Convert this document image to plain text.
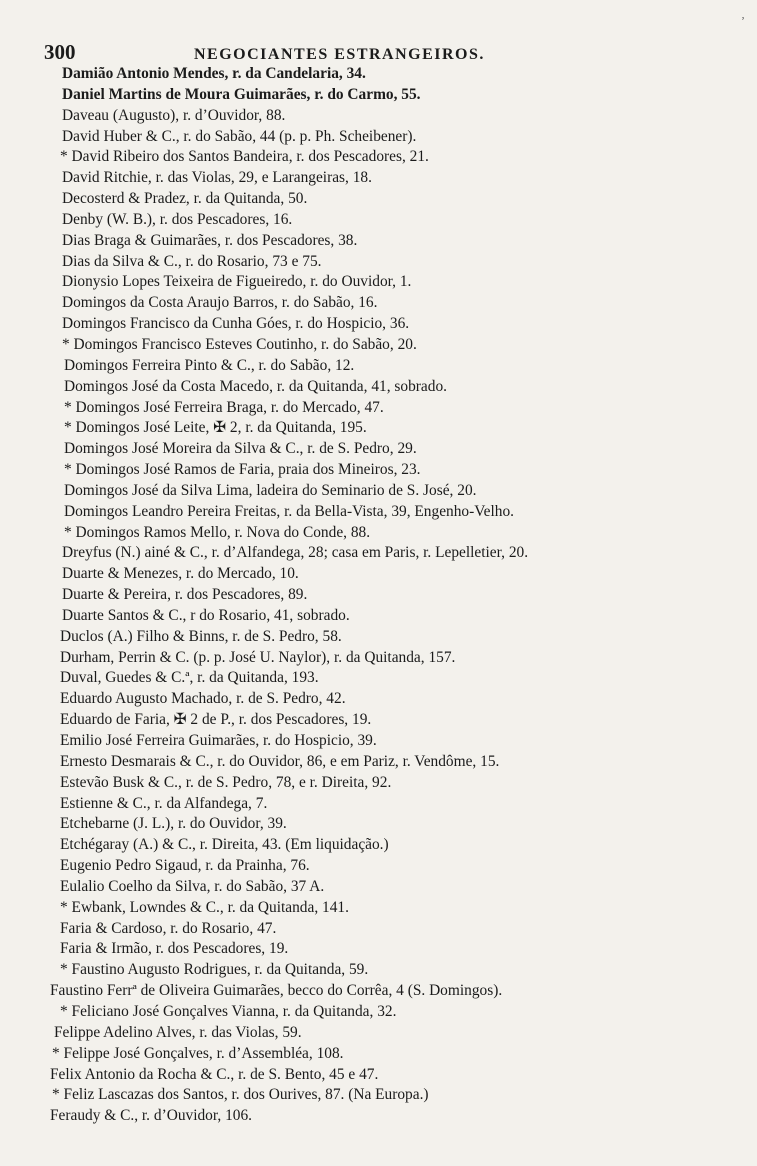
ʼ
300	NEGOCIANTES ESTRANGEIROS.
Damião Antonio Mendes, r. da Candelaria, 34.
Daniel Martins de Moura Guimarães, r. do Carmo, 55.
Daveau (Augusto), r. d’Ouvidor, 88.
David Huber & C., r. do Sabão, 44 (p. p. Ph. Scheibener).
* David Ribeiro dos Santos Bandeira, r. dos Pescadores, 21.
David Ritchie, r. das Violas, 29, e Larangeiras, 18.
Decosterd & Pradez, r. da Quitanda, 50.
Denby (W. B.), r. dos Pescadores, 16.
Dias Braga & Guimarães, r. dos Pescadores, 38.
Dias da Silva & C., r. do Rosario, 73 e 75.
Dionysio Lopes Teixeira de Figueiredo, r. do Ouvidor, 1.
Domingos da Costa Araujo Barros, r. do Sabão, 16.
Domingos Francisco da Cunha Góes, r. do Hospicio, 36.
* Domingos Francisco Esteves Coutinho, r. do Sabão, 20.
Domingos Ferreira Pinto & C., r. do Sabão, 12.
Domingos José da Costa Macedo, r. da Quitanda, 41, sobrado.
* Domingos José Ferreira Braga, r. do Mercado, 47.
* Domingos José Leite, ✠ 2, r. da Quitanda, 195.
Domingos José Moreira da Silva & C., r. de S. Pedro, 29.
* Domingos José Ramos de Faria, praia dos Mineiros, 23.
Domingos José da Silva Lima, ladeira do Seminario de S. José, 20.
Domingos Leandro Pereira Freitas, r. da Bella-Vista, 39, Engenho-Velho.
* Domingos Ramos Mello, r. Nova do Conde, 88.
Dreyfus (N.) ainé & C., r. d’Alfandega, 28; casa em Paris, r. Lepelletier, 20.
Duarte & Menezes, r. do Mercado, 10.
Duarte & Pereira, r. dos Pescadores, 89.
Duarte Santos & C., r do Rosario, 41, sobrado.
Duclos (A.) Filho & Binns, r. de S. Pedro, 58.
Durham, Perrin & C. (p. p. José U. Naylor), r. da Quitanda, 157.
Duval, Guedes & C.ª, r. da Quitanda, 193.
Eduardo Augusto Machado, r. de S. Pedro, 42.
Eduardo de Faria, ✠ 2 de P., r. dos Pescadores, 19.
Emilio José Ferreira Guimarães, r. do Hospicio, 39.
Ernesto Desmarais & C., r. do Ouvidor, 86, e em Pariz, r. Vendôme, 15.
Estevão Busk & C., r. de S. Pedro, 78, e r. Direita, 92.
Estienne & C., r. da Alfandega, 7.
Etchebarne (J. L.), r. do Ouvidor, 39.
Etchégaray (A.) & C., r. Direita, 43. (Em liquidação.)
Eugenio Pedro Sigaud, r. da Prainha, 76.
Eulalio Coelho da Silva, r. do Sabão, 37 A.
* Ewbank, Lowndes & C., r. da Quitanda, 141.
Faria & Cardoso, r. do Rosario, 47.
Faria & Irmão, r. dos Pescadores, 19.
* Faustino Augusto Rodrigues, r. da Quitanda, 59.
Faustino Ferrª de Oliveira Guimarães, becco do Corrêa, 4 (S. Domingos).
* Feliciano José Gonçalves Vianna, r. da Quitanda, 32.
Felippe Adelino Alves, r. das Violas, 59.
* Felippe José Gonçalves, r. d’Assembléa, 108.
Felix Antonio da Rocha & C., r. de S. Bento, 45 e 47.
* Feliz Lascazas dos Santos, r. dos Ourives, 87. (Na Europa.)
Feraudy & C., r. d’Ouvidor, 106.
